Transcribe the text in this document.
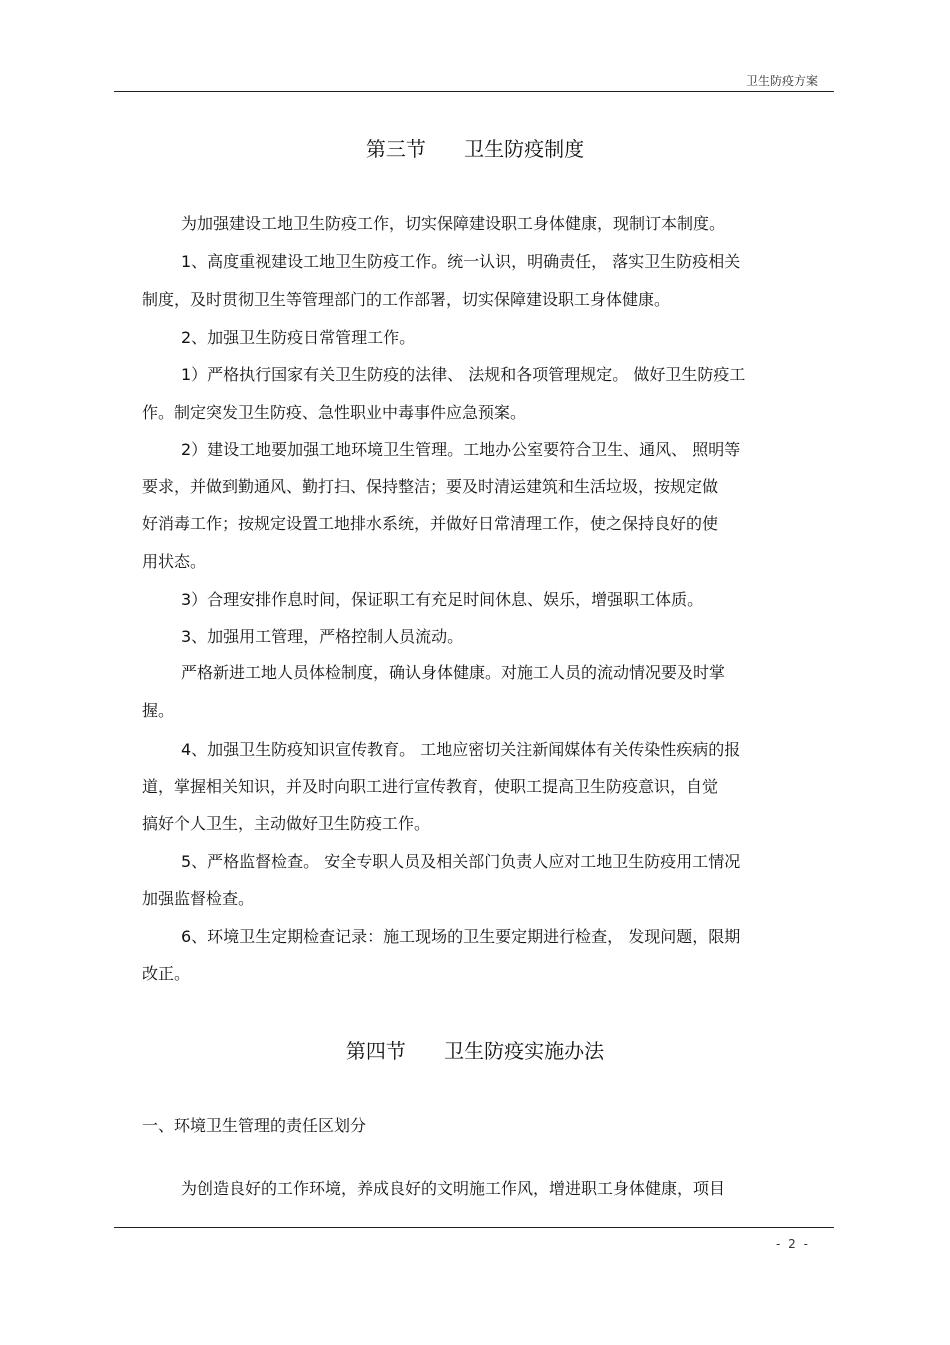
卫生防疫方案
第三节      卫生防疫制度
为加强建设工地卫生防疫工作，切实保障建设职工身体健康，现制订本制度。
1、高度重视建设工地卫生防疫工作。统一认识，明确责任， 落实卫生防疫相关
制度，及时贯彻卫生等管理部门的工作部署，切实保障建设职工身体健康。
2、加强卫生防疫日常管理工作。
1）严格执行国家有关卫生防疫的法律、 法规和各项管理规定。 做好卫生防疫工
作。制定突发卫生防疫、急性职业中毒事件应急预案。
2）建设工地要加强工地环境卫生管理。工地办公室要符合卫生、通风、 照明等
要求，并做到勤通风、勤打扫、保持整洁；要及时清运建筑和生活垃圾，按规定做
好消毒工作；按规定设置工地排水系统，并做好日常清理工作，使之保持良好的使
用状态。
3）合理安排作息时间，保证职工有充足时间休息、娱乐，增强职工体质。
3、加强用工管理，严格控制人员流动。
严格新进工地人员体检制度，确认身体健康。对施工人员的流动情况要及时掌
握。
4、加强卫生防疫知识宣传教育。 工地应密切关注新闻媒体有关传染性疾病的报
道，掌握相关知识，并及时向职工进行宣传教育，使职工提高卫生防疫意识，自觉
搞好个人卫生，主动做好卫生防疫工作。
5、严格监督检查。 安全专职人员及相关部门负责人应对工地卫生防疫用工情况
加强监督检查。
6、环境卫生定期检查记录：施工现场的卫生要定期进行检查， 发现问题，限期
改正。
第四节      卫生防疫实施办法
一、环境卫生管理的责任区划分
为创造良好的工作环境，养成良好的文明施工作风，增进职工身体健康，项目
- 2 -
